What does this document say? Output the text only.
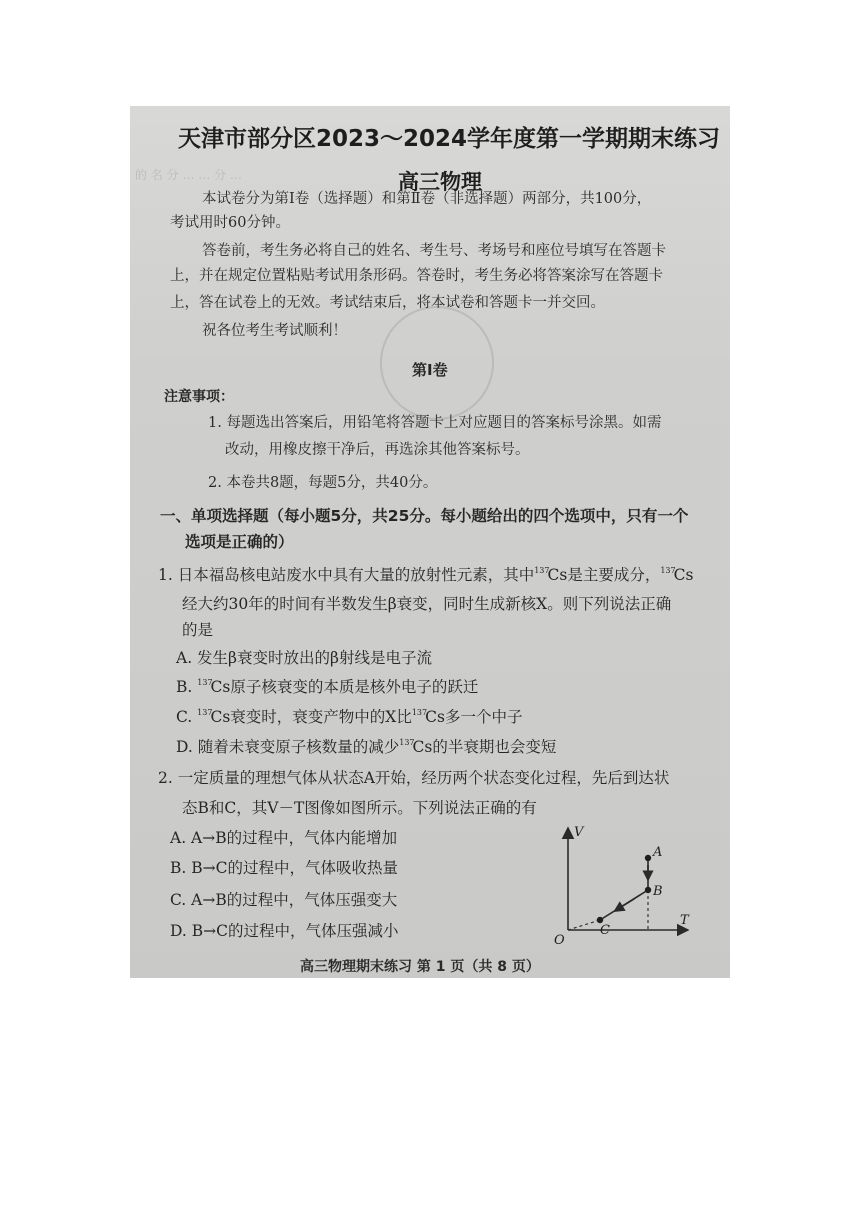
的 名 分 … … 分 …
天津市部分区2023～2024学年度第一学期期末练习
高三物理
本试卷分为第Ⅰ卷（选择题）和第Ⅱ卷（非选择题）两部分，共100分，
考试用时60分钟。
答卷前，考生务必将自己的姓名、考生号、考场号和座位号填写在答题卡
上，并在规定位置粘贴考试用条形码。答卷时，考生务必将答案涂写在答题卡
上，答在试卷上的无效。考试结束后，将本试卷和答题卡一并交回。
祝各位考生考试顺利！
第Ⅰ卷
注意事项：
1. 每题选出答案后，用铅笔将答题卡上对应题目的答案标号涂黑。如需
改动，用橡皮擦干净后，再选涂其他答案标号。
2. 本卷共8题，每题5分，共40分。
一、单项选择题（每小题5分，共25分。每小题给出的四个选项中，只有一个
选项是正确的）
1. 日本福岛核电站废水中具有大量的放射性元素，其中$^{137}$Cs是主要成分，$^{137}$Cs
经大约30年的时间有半数发生β衰变，同时生成新核X。则下列说法正确
的是
A. 发生β衰变时放出的β射线是电子流
B. $^{137}$Cs原子核衰变的本质是核外电子的跃迁
C. $^{137}$Cs衰变时，衰变产物中的X比$^{137}$Cs多一个中子
D. 随着未衰变原子核数量的减少$^{137}$Cs的半衰期也会变短
2. 一定质量的理想气体从状态A开始，经历两个状态变化过程，先后到达状
态B和C，其V－T图像如图所示。下列说法正确的有
A. A→B的过程中，气体内能增加
B. B→C的过程中，气体吸收热量
C. A→B的过程中，气体压强变大
D. B→C的过程中，气体压强减小
V
T
O
A
B
C
高三物理期末练习 第 1 页（共 8 页）
